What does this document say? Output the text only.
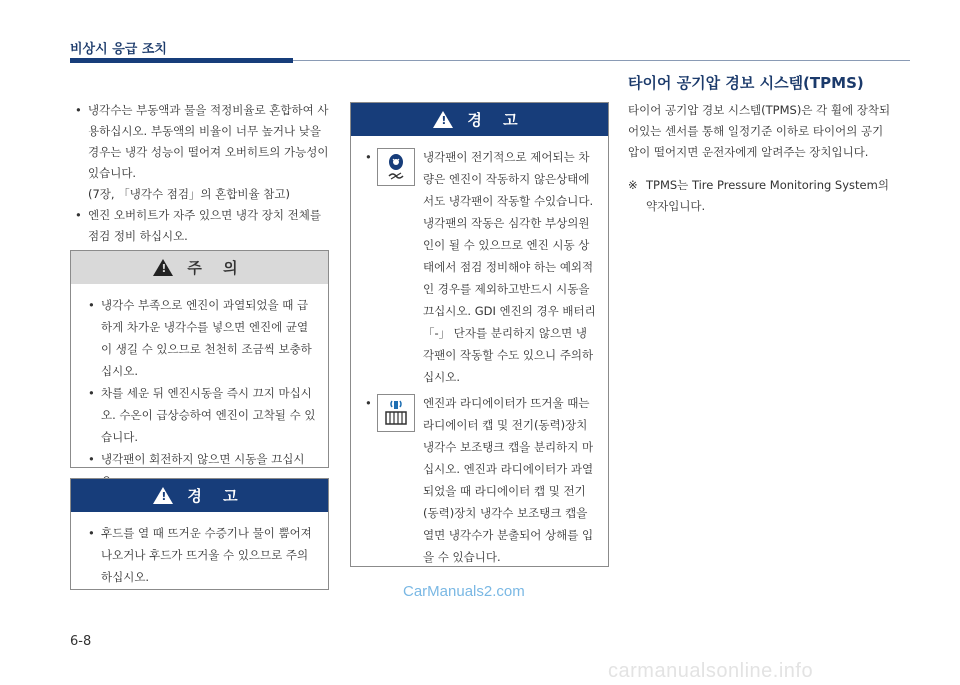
비상시 응급 조치
• 냉각수는 부동액과 물을 적정비율로 혼합하여 사용하십시오. 부동액의 비율이 너무 높거나 낮을 경우는 냉각 성능이 떨어져 오버히트의 가능성이 있습니다.
(7장, 「냉각수 점검」의 혼합비율 참고)
• 엔진 오버히트가 자주 있으면 냉각 장치 전체를 점검 정비 하십시오.
! 주 의
• 냉각수 부족으로 엔진이 과열되었을 때 급하게 차가운 냉각수를 넣으면 엔진에 균열이 생길 수 있으므로 천천히 조금씩 보충하십시오.
• 차를 세운 뒤 엔진시동을 즉시 끄지 마십시오. 수온이 급상승하여 엔진이 고착될 수 있습니다.
• 냉각팬이 회전하지 않으면 시동을 끄십시
! 경 고
• 후드를 열 때 뜨거운 수증기나 물이 뿜어져 나오거나 후드가 뜨거울 수 있으므로 주의하십시오.
! 경 고
•	냉각팬이 전기적으로 제어되는 차량은 엔진이 작동하지 않은상태에서도 냉각팬이 작동할 수있습니다. 냉각팬의 작동은 심각한 부상의원인이 될 수 있으므로 엔진 시동 상태에서 점검 정비해야 하는 예외적인 경우를 제외하고반드시 시동을 끄십시오. GDI 엔진의 경우 배터리 「-」 단자를 분리하지 않으면 냉각팬이 작동할 수도 있으니 주의하십시오.
•	엔진과 라디에이터가 뜨거울 때는 라디에이터 캡 및 전기(동력)장치 냉각수 보조탱크 캡을 분리하지 마십시오. 엔진과 라디에이터가 과열되었을 때 라디에이터 캡 및 전기(동력)장치 냉각수 보조탱크 캡을 열면 냉각수가 분출되어 상해를 입을 수 있습니다.
타이어 공기압 경보 시스템(TPMS)
타이어 공기압 경보 시스템(TPMS)은 각 휠에 장착되어있는 센서를 통해 일정기준 이하로 타이어의 공기압이 떨어지면 운전자에게 알려주는 장치입니다.
※ TPMS는 Tire Pressure Monitoring System의 약자입니다.
CarManuals2.com
6-8
carmanualsonline.info
